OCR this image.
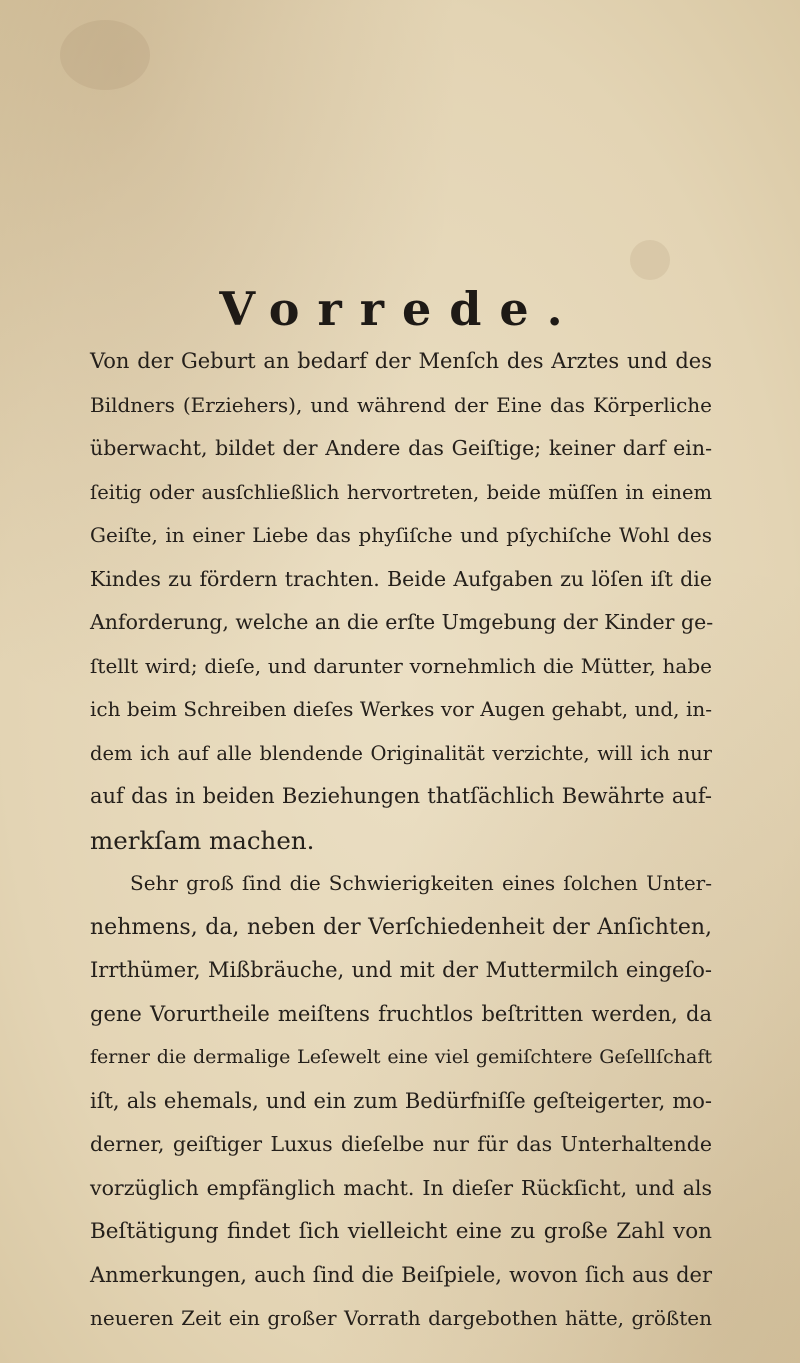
Vorrede.
Von der Geburt an bedarf der Menſch des Arztes und des
Bildners (Erziehers), und während der Eine das Körperliche
überwacht, bildet der Andere das Geiſtige; keiner darf ein-
ſeitig oder ausſchließlich hervortreten, beide müſſen in einem
Geiſte, in einer Liebe das phyſiſche und pſychiſche Wohl des
Kindes zu fördern trachten. Beide Aufgaben zu löſen iſt die
Anforderung, welche an die erſte Umgebung der Kinder ge-
ſtellt wird; dieſe, und darunter vornehmlich die Mütter, habe
ich beim Schreiben dieſes Werkes vor Augen gehabt, und, in-
dem ich auf alle blendende Originalität verzichte, will ich nur
auf das in beiden Beziehungen thatſächlich Bewährte auf-
merkſam machen.
Sehr groß ſind die Schwierigkeiten eines ſolchen Unter-
nehmens, da, neben der Verſchiedenheit der Anſichten,
Irrthümer, Mißbräuche, und mit der Muttermilch eingeſo-
gene Vorurtheile meiſtens fruchtlos beſtritten werden, da
ferner die dermalige Leſewelt eine viel gemiſchtere Geſellſchaft
iſt, als ehemals, und ein zum Bedürfniſſe geſteigerter, mo-
derner, geiſtiger Luxus dieſelbe nur für das Unterhaltende
vorzüglich empfänglich macht. In dieſer Rückſicht, und als
Beſtätigung findet ſich vielleicht eine zu große Zahl von
Anmerkungen, auch ſind die Beiſpiele, wovon ſich aus der
neueren Zeit ein großer Vorrath dargebothen hätte, größten
